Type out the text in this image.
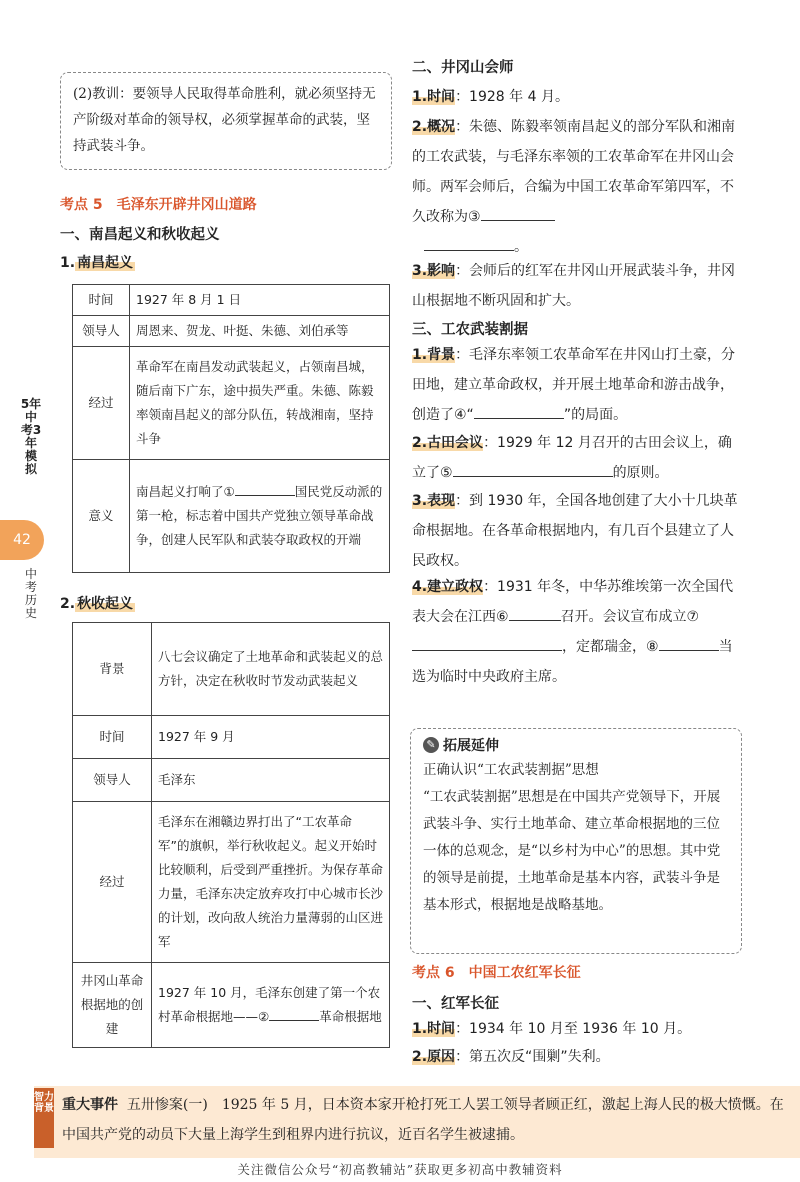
5年中考3年模拟
42
中考历史
(2)教训：要领导人民取得革命胜利，就必须坚持无产阶级对革命的领导权，必须掌握革命的武装，坚持武装斗争。
考点 5　毛泽东开辟井冈山道路
一、南昌起义和秋收起义
1. 南昌起义
时间	1927 年 8 月 1 日
领导人	周恩来、贺龙、叶挺、朱德、刘伯承等
经过	革命军在南昌发动武装起义，占领南昌城，随后南下广东，途中损失严重。朱德、陈毅率领南昌起义的部分队伍，转战湘南，坚持斗争
意义	南昌起义打响了① 国民党反动派的第一枪，标志着中国共产党独立领导革命战争，创建人民军队和武装夺取政权的开端
2. 秋收起义
背景	八七会议确定了土地革命和武装起义的总方针，决定在秋收时节发动武装起义
时间	1927 年 9 月
领导人	毛泽东
经过	毛泽东在湘赣边界打出了“工农革命军”的旗帜，举行秋收起义。起义开始时比较顺利，后受到严重挫折。为保存革命力量，毛泽东决定放弃攻打中心城市长沙的计划，改向敌人统治力量薄弱的山区进军
井冈山革命根据地的创建	1927 年 10 月，毛泽东创建了第一个农村革命根据地——② 革命根据地
二、井冈山会师
1.时间：1928 年 4 月。
2.概况：朱德、陈毅率领南昌起义的部分军队和湘南的工农武装，与毛泽东率领的工农革命军在井冈山会师。两军会师后，合编为中国工农革命军第四军，不久改称为③
。
3.影响：会师后的红军在井冈山开展武装斗争，井冈山根据地不断巩固和扩大。
三、工农武装割据
1.背景：毛泽东率领工农革命军在井冈山打土豪，分田地，建立革命政权，并开展土地革命和游击战争，创造了④“	”的局面。
2.古田会议：1929 年 12 月召开的古田会议上，确立了⑤	的原则。
3.表现：到 1930 年，全国各地创建了大小十几块革命根据地。在各革命根据地内，有几百个县建立了人民政权。
4.建立政权：1931 年冬，中华苏维埃第一次全国代表大会在江西⑥	召开。会议宣布成立⑦，定都瑞金，⑧	当选为临时中央政府主席。
✎ 拓展延伸
正确认识“工农武装割据”思想
“工农武装割据”思想是在中国共产党领导下，开展武装斗争、实行土地革命、建立革命根据地的三位一体的总观念，是“以乡村为中心”的思想。其中党的领导是前提，土地革命是基本内容，武装斗争是基本形式，根据地是战略基地。
考点 6　中国工农红军长征
一、红军长征
1.时间：1934 年 10 月至 1936 年 10 月。
2.原因：第五次反“围剿”失利。
智力背景 重大事件 五卅惨案(一)　1925 年 5 月，日本资本家开枪打死工人罢工领导者顾正红，激起上海人民的极大愤慨。在中国共产党的动员下大量上海学生到租界内进行抗议，近百名学生被逮捕。
关注微信公众号“初高教辅站”获取更多初高中教辅资料
